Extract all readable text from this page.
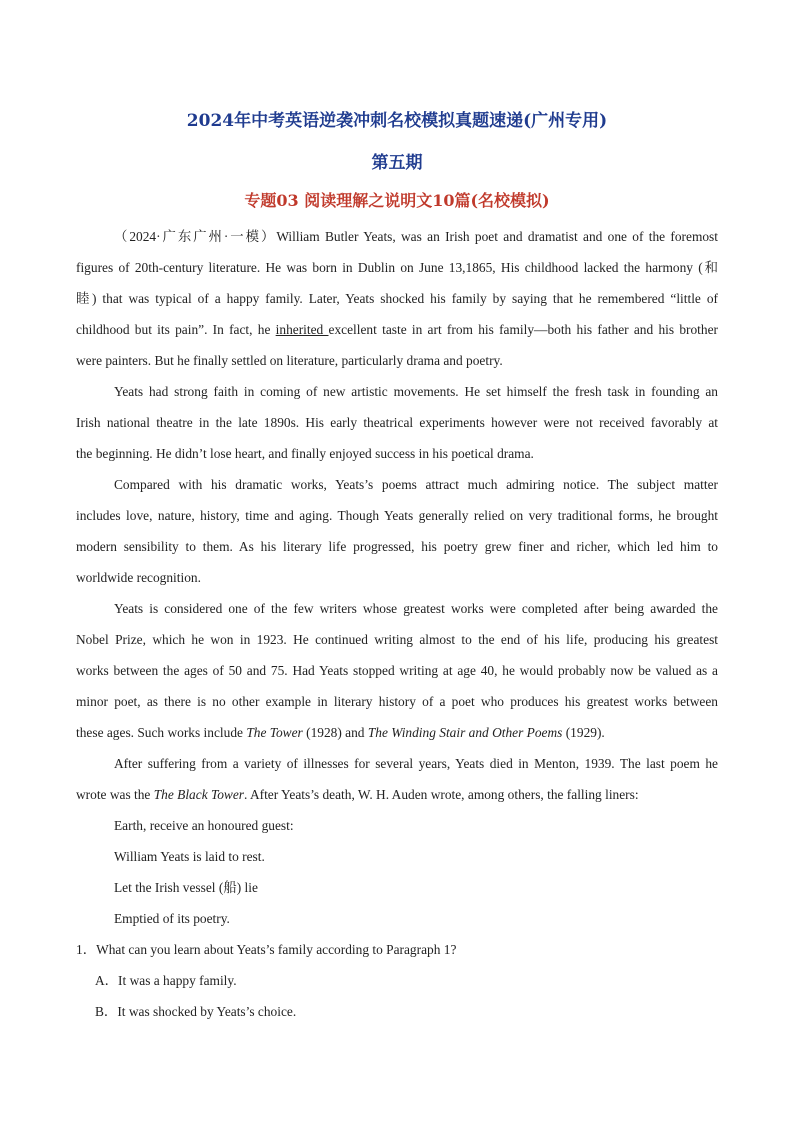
2024年中考英语逆袭冲刺名校模拟真题速递(广州专用)
第五期
专题03 阅读理解之说明文10篇(名校模拟)
（2024·广东广州·一模）William Butler Yeats, was an Irish poet and dramatist and one of the foremost
figures of 20th-century literature. He was born in Dublin on June 13,1865, His childhood lacked the harmony (和
睦) that was typical of a happy family. Later, Yeats shocked his family by saying that he remembered “little of
childhood but its pain”. In fact, he inherited excellent taste in art from his family—both his father and his brother
were painters. But he finally settled on literature, particularly drama and poetry.
Yeats had strong faith in coming of new artistic movements. He set himself the fresh task in founding an
Irish national theatre in the late 1890s. His early theatrical experiments however were not received favorably at
the beginning. He didn’t lose heart, and finally enjoyed success in his poetical drama.
Compared with his dramatic works, Yeats’s poems attract much admiring notice. The subject matter
includes love, nature, history, time and aging. Though Yeats generally relied on very traditional forms, he brought
modern sensibility to them. As his literary life progressed, his poetry grew finer and richer, which led him to
worldwide recognition.
Yeats is considered one of the few writers whose greatest works were completed after being awarded the
Nobel Prize, which he won in 1923. He continued writing almost to the end of his life, producing his greatest
works between the ages of 50 and 75. Had Yeats stopped writing at age 40, he would probably now be valued as a
minor poet, as there is no other example in literary history of a poet who produces his greatest works between
these ages. Such works include The Tower (1928) and The Winding Stair and Other Poems (1929).
After suffering from a variety of illnesses for several years, Yeats died in Menton, 1939. The last poem he
wrote was the The Black Tower. After Yeats’s death, W. H. Auden wrote, among others, the falling liners:
Earth, receive an honoured guest:
William Yeats is laid to rest.
Let the Irish vessel (船) lie
Emptied of its poetry.
1．What can you learn about Yeats’s family according to Paragraph 1?
A．It was a happy family.
B．It was shocked by Yeats’s choice.
